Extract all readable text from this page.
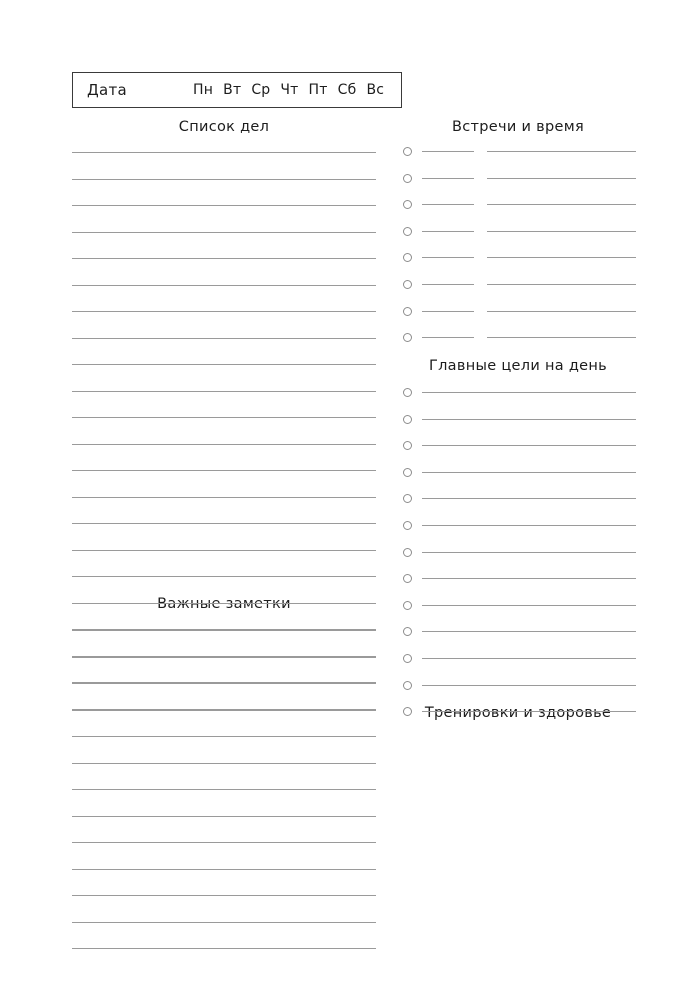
Дата	Пн Вт Ср Чт Пт Сб Вс
Список дел
Важные заметки
Встречи и время
Главные цели на день
Тренировки и здоровье
